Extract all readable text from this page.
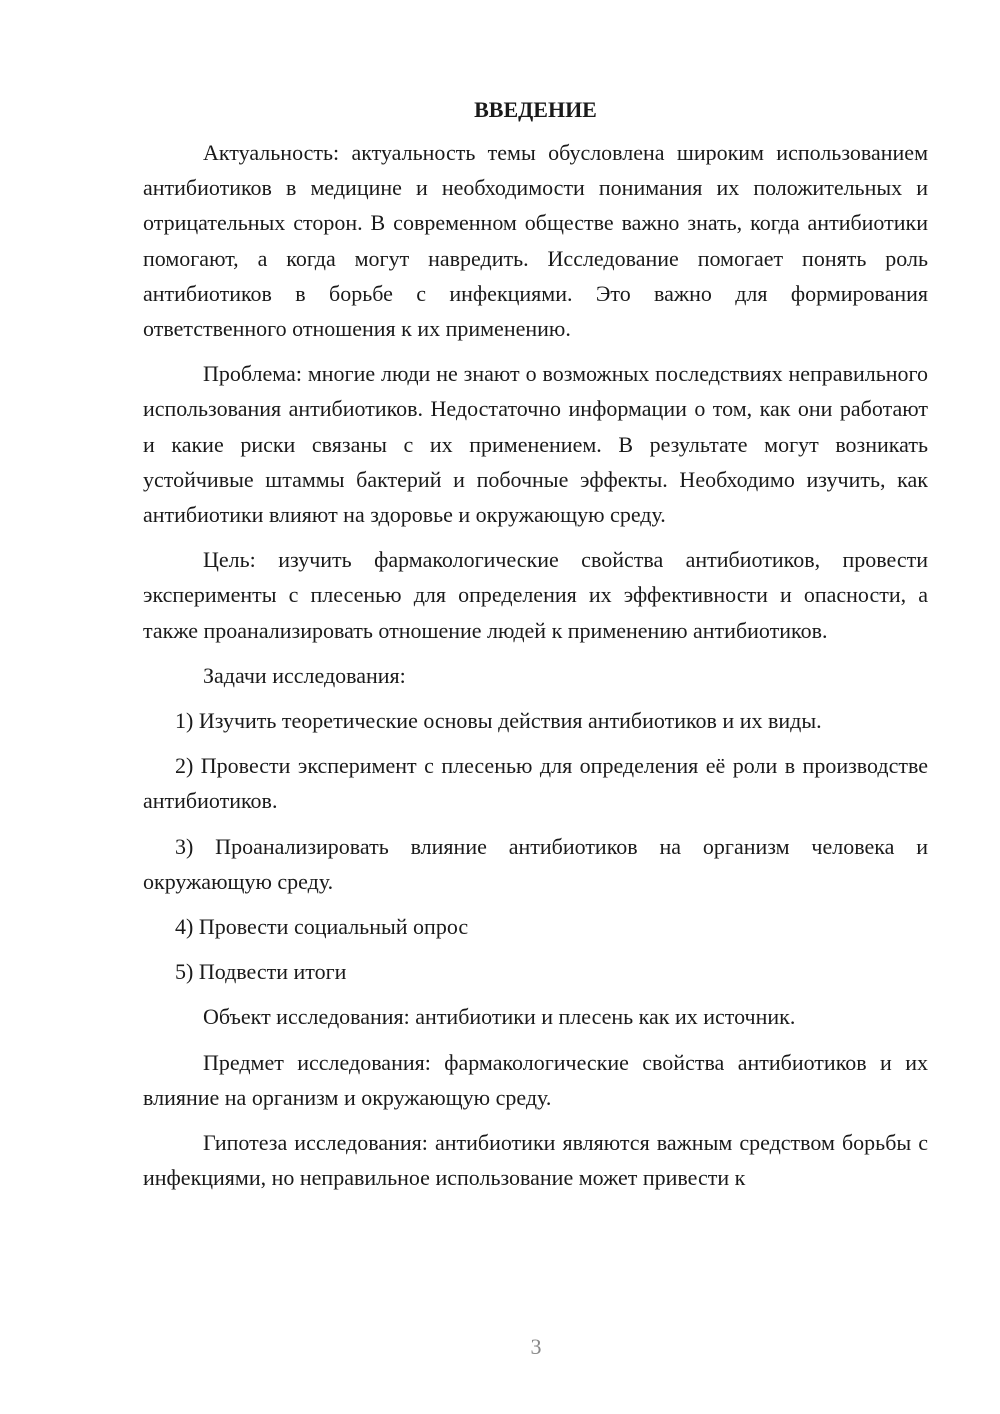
ВВЕДЕНИЕ

Актуальность: актуальность темы обусловлена широким использованием антибиотиков в медицине и необходимости понимания их положительных и отрицательных сторон. В современном обществе важно знать, когда антибиотики помогают, а когда могут навредить. Исследование помогает понять роль антибиотиков в борьбе с инфекциями. Это важно для формирования ответственного отношения к их применению.

Проблема: многие люди не знают о возможных последствиях неправильного использования антибиотиков. Недостаточно информации о том, как они работают и какие риски связаны с их применением. В результате могут возникать устойчивые штаммы бактерий и побочные эффекты. Необходимо изучить, как антибиотики влияют на здоровье и окружающую среду.

Цель: изучить фармакологические свойства антибиотиков, провести эксперименты с плесенью для определения их эффективности и опасности, а также проанализировать отношение людей к применению антибиотиков.

Задачи исследования:

1) Изучить теоретические основы действия антибиотиков и их виды.

2) Провести эксперимент с плесенью для определения её роли в производстве антибиотиков.

3) Проанализировать влияние антибиотиков на организм человека и окружающую среду.

4) Провести социальный опрос

5) Подвести итоги

Объект исследования: антибиотики и плесень как их источник.

Предмет исследования: фармакологические свойства антибиотиков и их влияние на организм и окружающую среду.

Гипотеза исследования: антибиотики являются важным средством борьбы с инфекциями, но неправильное использование может привести к

3
